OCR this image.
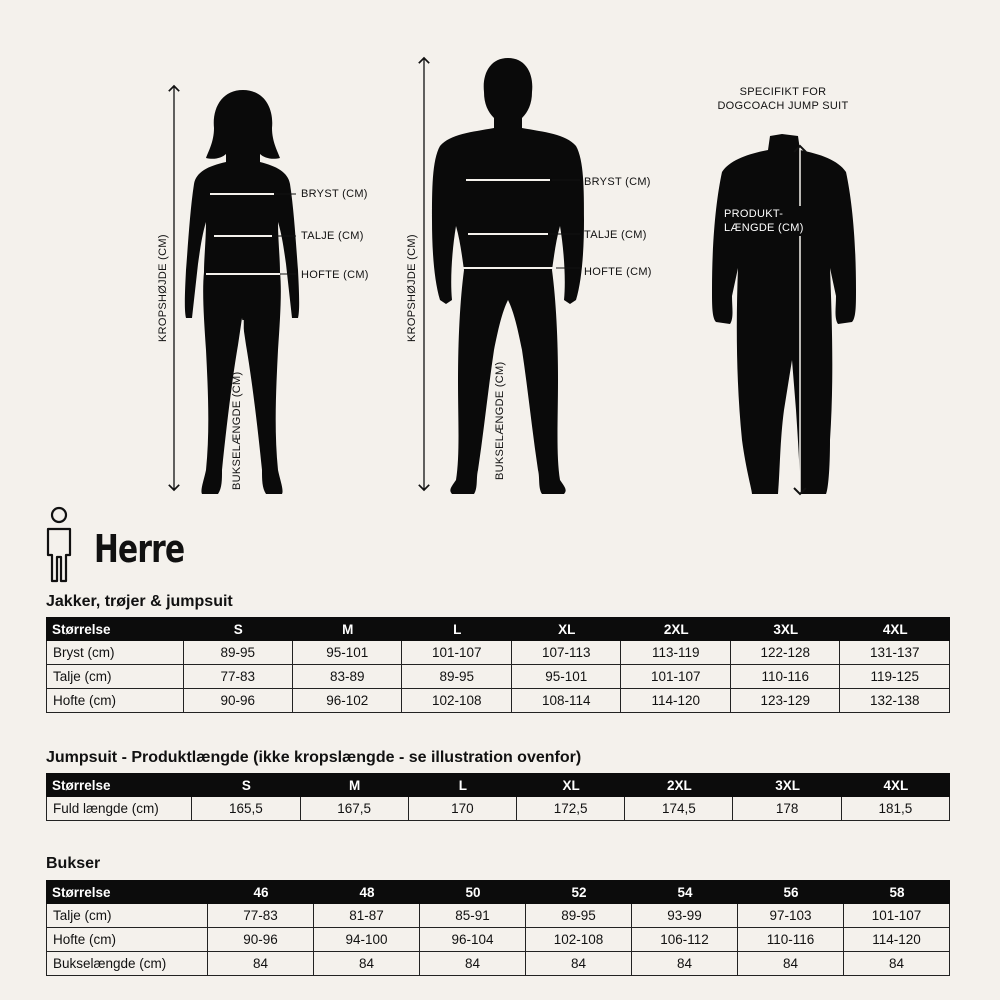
BRYST (CM)
TALJE (CM)
HOFTE (CM)
KROPSHØJDE (CM)
BUKSELÆNGDE (CM)
BRYST (CM)
TALJE (CM)
HOFTE (CM)
KROPSHØJDE (CM)
BUKSELÆNGDE (CM)
SPECIFIKT FOR
DOGCOACH JUMP SUIT
PRODUKT-
LÆNGDE (CM)
Herre
Jakker, trøjer & jumpsuit
Størrelse	S	M	L	XL	2XL	3XL	4XL
Bryst (cm)	89-95	95-101	101-107	107-113	113-119	122-128	131-137
Talje (cm)	77-83	83-89	89-95	95-101	101-107	110-116	119-125
Hofte (cm)	90-96	96-102	102-108	108-114	114-120	123-129	132-138
Jumpsuit - Produktlængde (ikke kropslængde - se illustration ovenfor)
Størrelse	S	M	L	XL	2XL	3XL	4XL
Fuld længde (cm)	165,5	167,5	170	172,5	174,5	178	181,5
Bukser
Størrelse	46	48	50	52	54	56	58
Talje (cm)	77-83	81-87	85-91	89-95	93-99	97-103	101-107
Hofte (cm)	90-96	94-100	96-104	102-108	106-112	110-116	114-120
Bukselængde (cm)	84	84	84	84	84	84	84
